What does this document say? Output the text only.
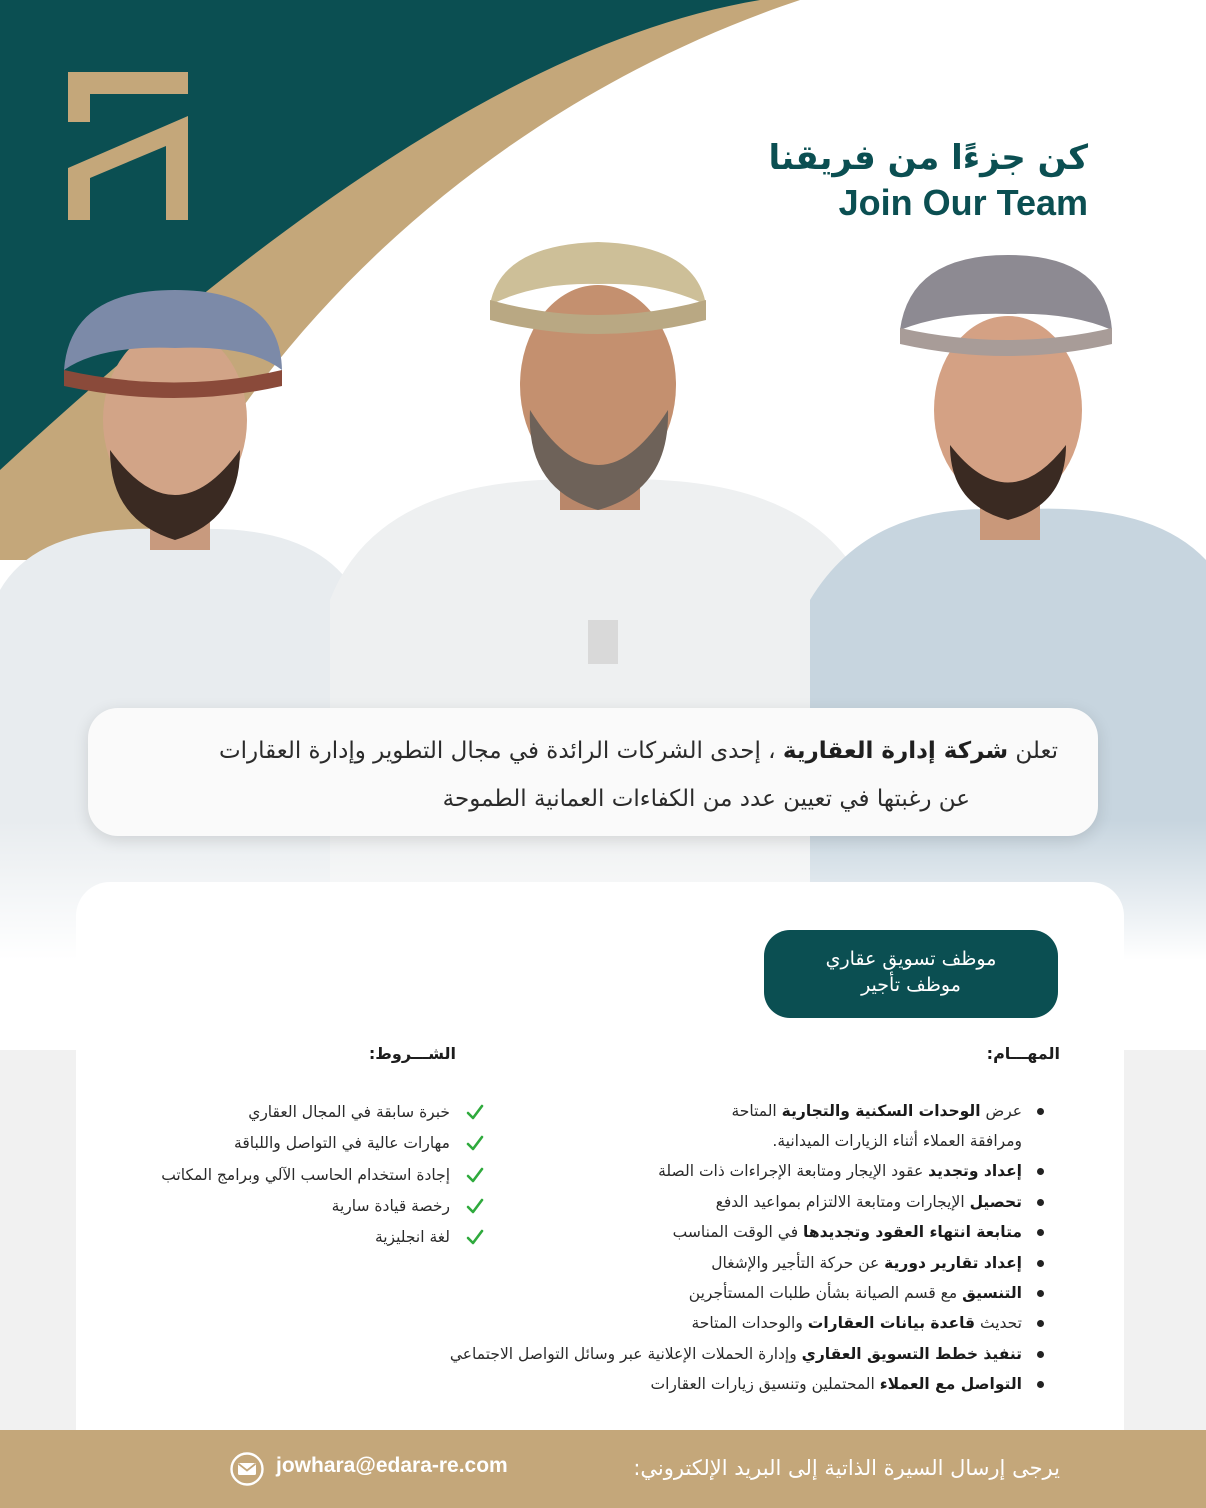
كن جزءًا من فريقنا
Join Our Team

تعلن شركة إدارة العقارية ، إحدى الشركات الرائدة في مجال التطوير وإدارة العقارات

عن رغبتها في تعيين عدد من الكفاءات العمانية الطموحة

موظف تسويق عقاري
موظف تأجير
المهـــام:
الشـــروط:
عرض الوحدات السكنية والتجارية المتاحة
ومرافقة العملاء أثناء الزيارات الميدانية.
إعداد وتجديد عقود الإيجار ومتابعة الإجراءات ذات الصلة
تحصيل الإيجارات ومتابعة الالتزام بمواعيد الدفع
متابعة انتهاء العقود وتجديدها في الوقت المناسب
إعداد تقارير دورية عن حركة التأجير والإشغال
التنسيق مع قسم الصيانة بشأن طلبات المستأجرين
تحديث قاعدة بيانات العقارات والوحدات المتاحة
تنفيذ خطط التسويق العقاري وإدارة الحملات الإعلانية عبر وسائل التواصل الاجتماعي
التواصل مع العملاء المحتملين وتنسيق زيارات العقارات
خبرة سابقة في المجال العقاري
مهارات عالية في التواصل واللباقة
إجادة استخدام الحاسب الآلي وبرامج المكاتب
رخصة قيادة سارية
لغة انجليزية
يرجى إرسال السيرة الذاتية إلى البريد الإلكتروني:
jowhara@edara-re.com
